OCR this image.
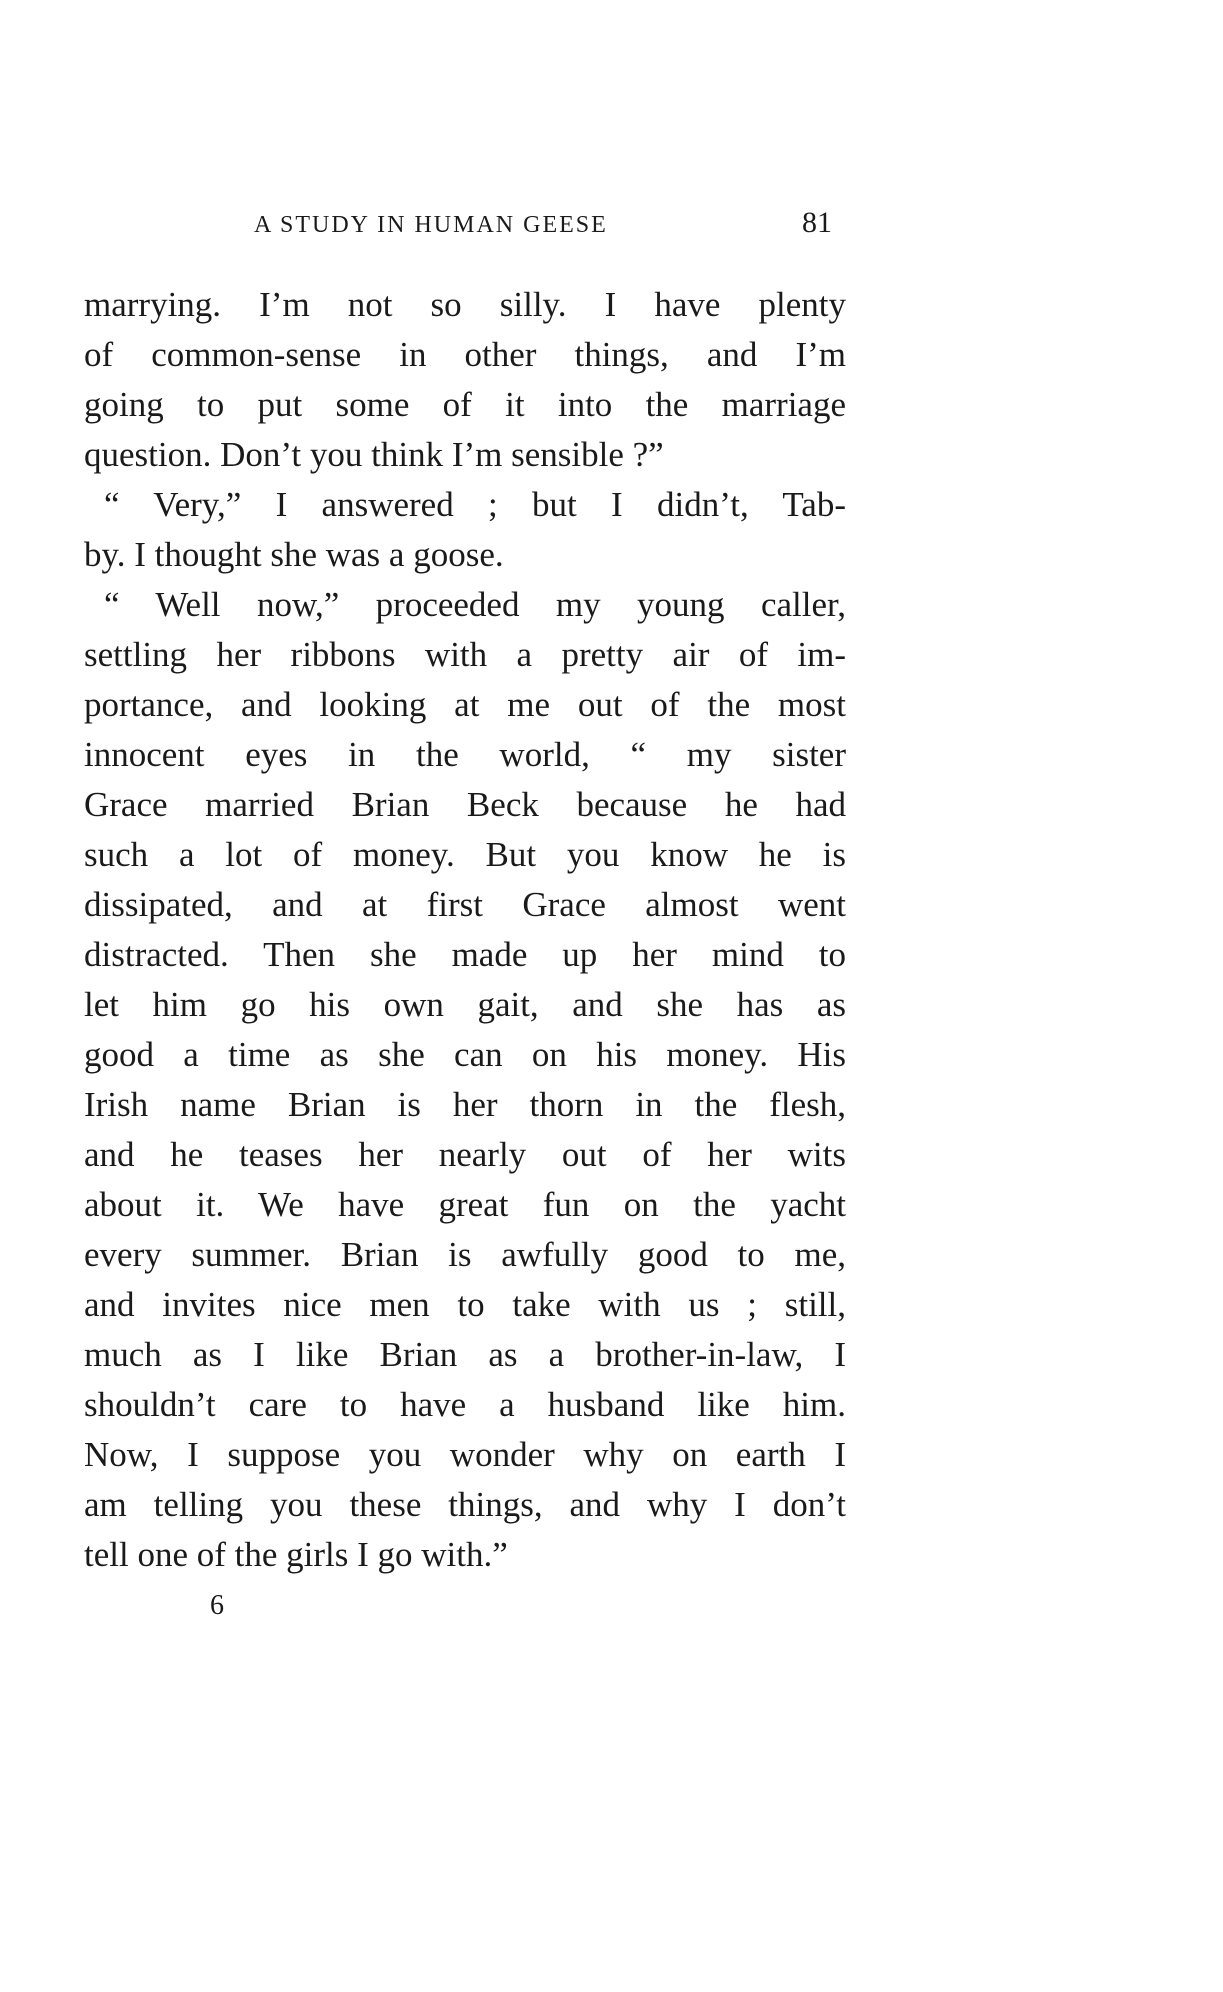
A STUDY IN HUMAN GEESE	81
marrying. I’m not so silly. I have plenty
of common-sense in other things, and I’m
going to put some of it into the marriage
question. Don’t you think I’m sensible ?”
“ Very,” I answered ; but I didn’t, Tab-
by. I thought she was a goose.
“ Well now,” proceeded my young caller,
settling her ribbons with a pretty air of im-
portance, and looking at me out of the most
innocent eyes in the world, “ my sister
Grace married Brian Beck because he had
such a lot of money. But you know he is
dissipated, and at first Grace almost went
distracted. Then she made up her mind to
let him go his own gait, and she has as
good a time as she can on his money. His
Irish name Brian is her thorn in the flesh,
and he teases her nearly out of her wits
about it. We have great fun on the yacht
every summer. Brian is awfully good to me,
and invites nice men to take with us ; still,
much as I like Brian as a brother-in-law, I
shouldn’t care to have a husband like him.
Now, I suppose you wonder why on earth I
am telling you these things, and why I don’t
tell one of the girls I go with.”
6
